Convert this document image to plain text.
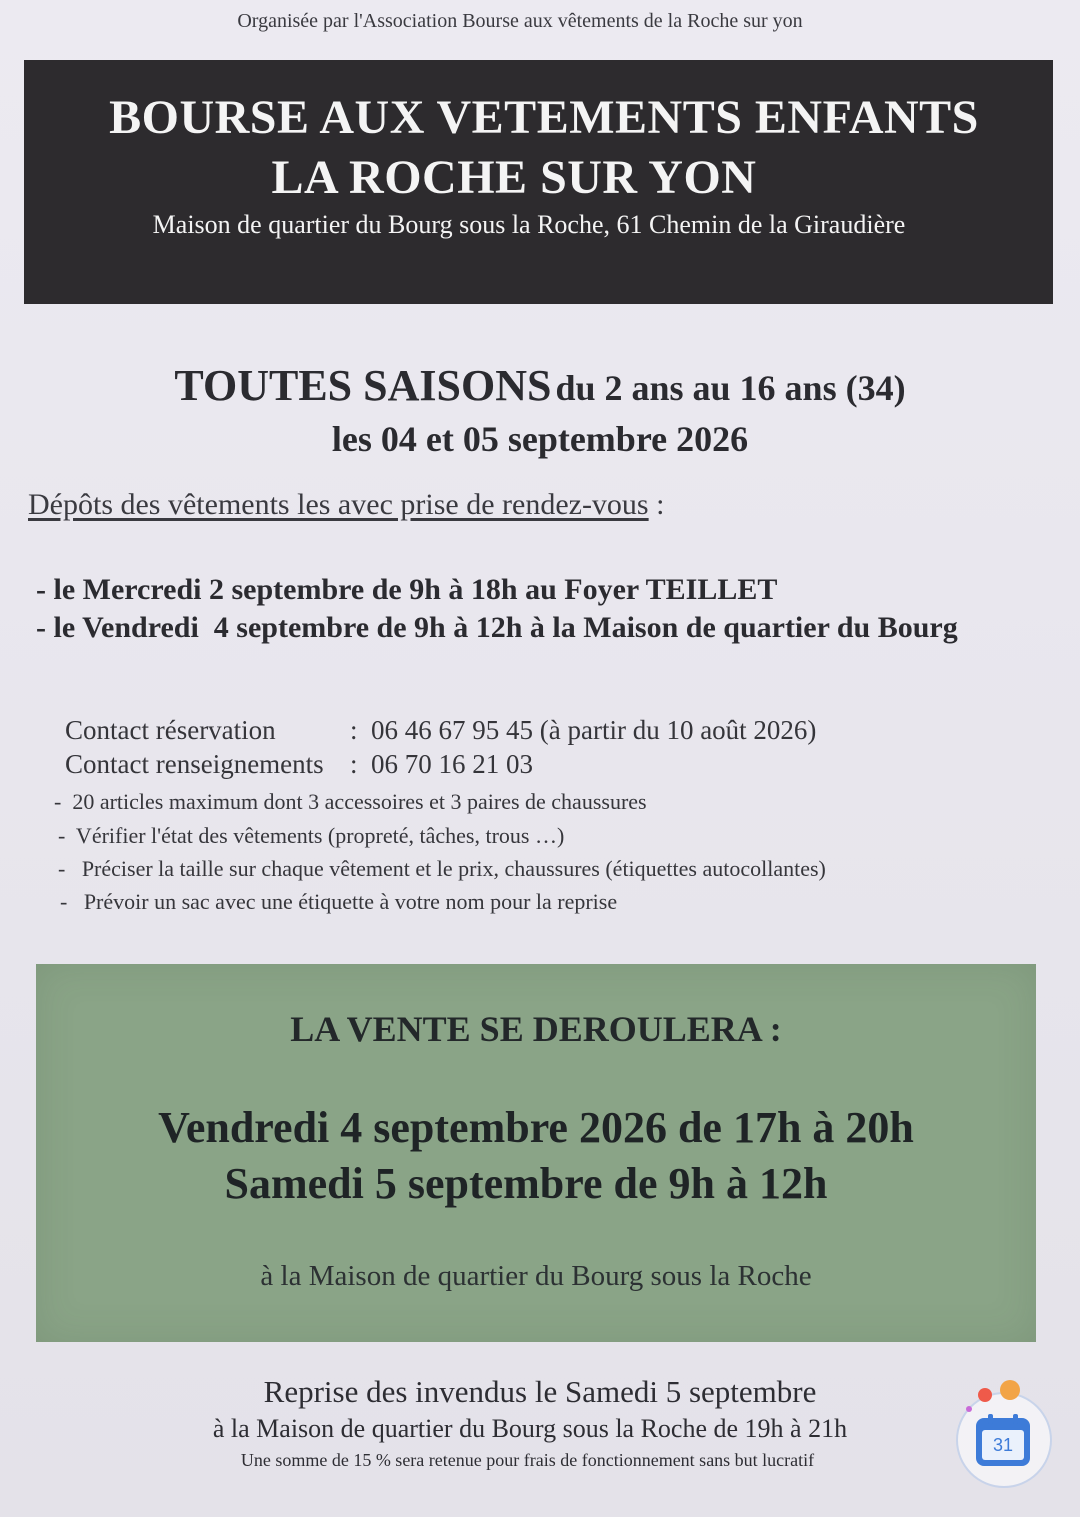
Organisée par l'Association Bourse aux vêtements de la Roche sur yon
BOURSE AUX VETEMENTS ENFANTS
LA ROCHE SUR YON
Maison de quartier du Bourg sous la Roche, 61 Chemin de la Giraudière
TOUTES SAISONS du 2 ans au 16 ans (34)
les 04 et 05 septembre 2026
Dépôts des vêtements les avec prise de rendez-vous :
- le Mercredi 2 septembre de 9h à 18h au Foyer TEILLET
- le Vendredi  4 septembre de 9h à 12h à la Maison de quartier du Bourg

Contact réservation	:  06 46 67 95 45 (à partir du 10 août 2026)

Contact renseignements :  06 70 16 21 03

-  20 articles maximum dont 3 accessoires et 3 paires de chaussures
-  Vérifier l'état des vêtements (propreté, tâches, trous …)
-   Préciser la taille sur chaque vêtement et le prix, chaussures (étiquettes autocollantes)
-   Prévoir un sac avec une étiquette à votre nom pour la reprise
LA VENTE SE DEROULERA :
Vendredi 4 septembre 2026 de 17h à 20h
Samedi 5 septembre de 9h à 12h
à la Maison de quartier du Bourg sous la Roche
Reprise des invendus le Samedi 5 septembre
à la Maison de quartier du Bourg sous la Roche de 19h à 21h
Une somme de 15 % sera retenue pour frais de fonctionnement sans but lucratif
31
